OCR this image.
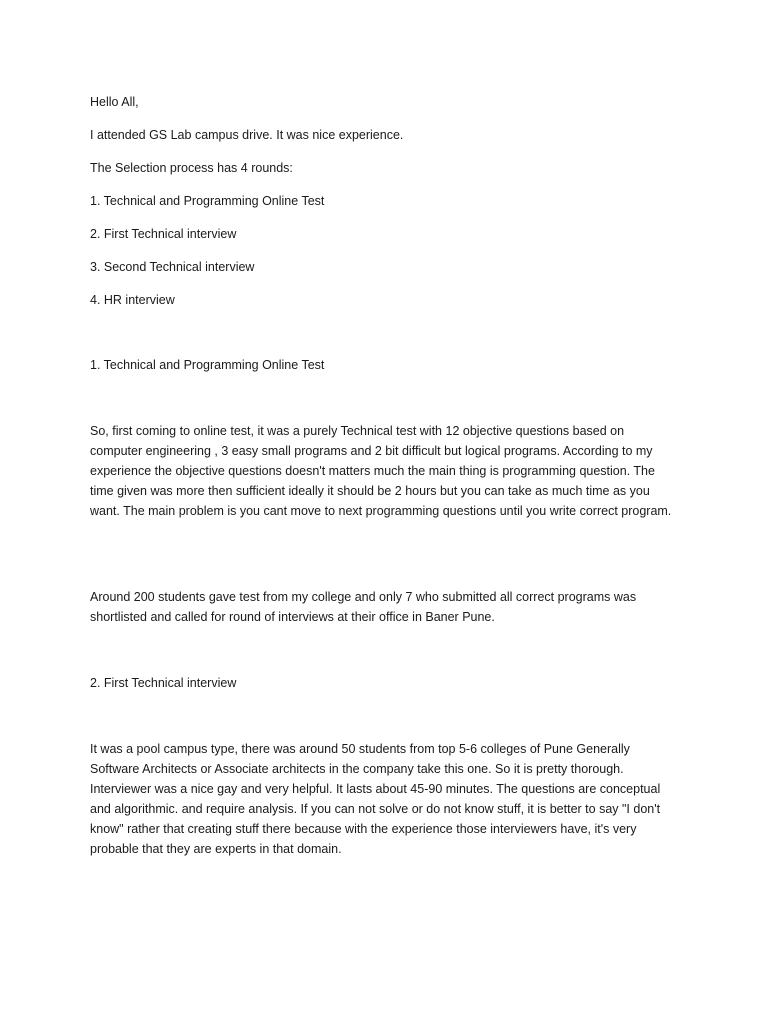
Hello All,

I attended GS Lab campus drive. It was nice experience.

The Selection process has 4 rounds:

1. Technical and Programming Online Test

2. First Technical interview

3. Second Technical interview

4. HR interview

1. Technical and Programming Online Test

So, first coming to online test, it was a purely Technical test with 12 objective questions based on computer engineering , 3 easy small programs and 2 bit difficult but logical programs. According to my experience the objective questions doesn't matters much the main thing is programming question. The time given was more then sufficient ideally it should be 2 hours but you can take as much time as you want. The main problem is you cant move to next programming questions until you write correct program.

Around 200 students gave test from my college and only 7 who submitted all correct programs was shortlisted and called for round of interviews at their office in Baner Pune.

2. First Technical interview

It was a pool campus type, there was around 50 students from top 5-6 colleges of Pune Generally Software Architects or Associate architects in the company take this one. So it is pretty thorough. Interviewer was a nice gay and very helpful. It lasts about 45-90 minutes. The questions are conceptual and algorithmic. and require analysis. If you can not solve or do not know stuff, it is better to say "I don't know" rather that creating stuff there because with the experience those interviewers have, it's very probable that they are experts in that domain.
